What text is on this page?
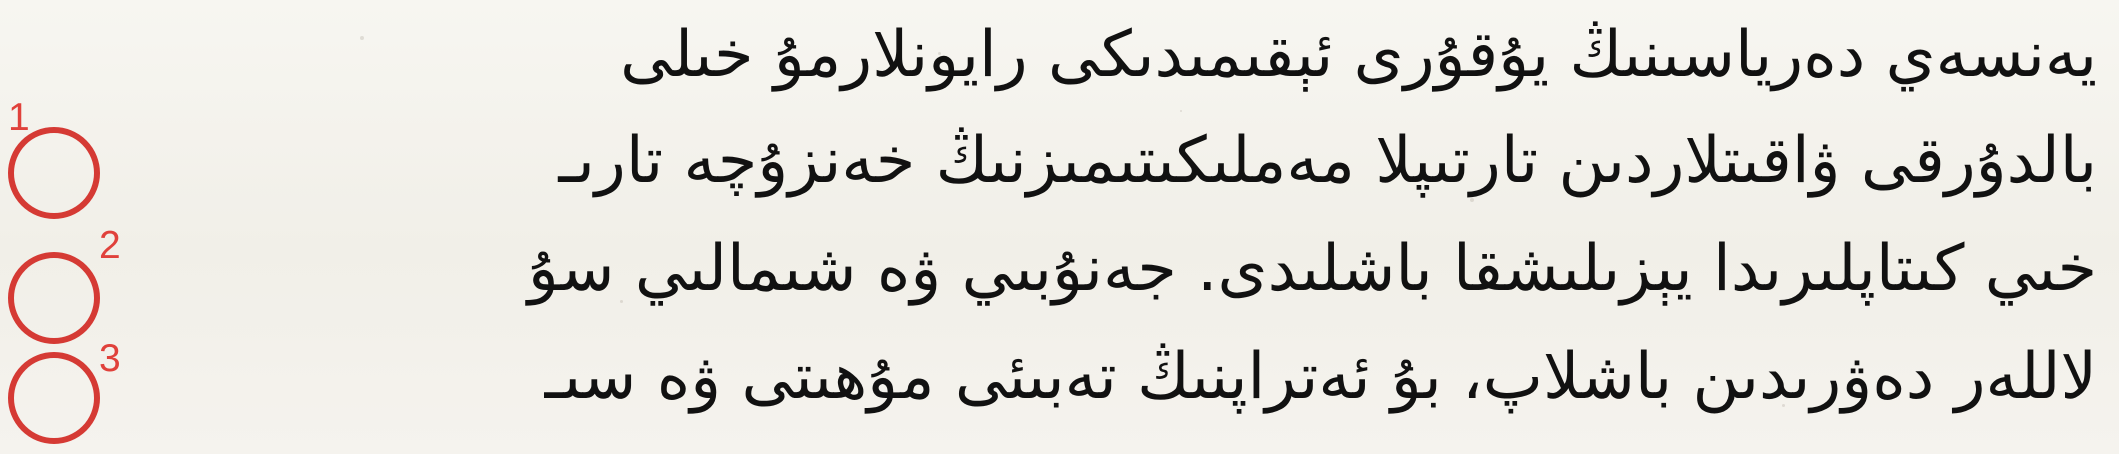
يەنسەي دەرياسىنىڭ يۇقۇرى ئېقىمىدىكى رايونلارمۇ خىلى
بالدۇرقى ۋاقىتلاردىن تارتىپلا مەملىكىتىمىزنىڭ خەنزۇچە تارىـ
خىي كىتاپلىرىدا يېزىلىشقا باشلىدى. جەنۇبىي ۋە شىمالىي سۇ
لاللەر دەۋرىدىن باشلاپ، بۇ ئەتراپنىڭ تەبىئى مۇھىتى ۋە سىـ
1
2
3
